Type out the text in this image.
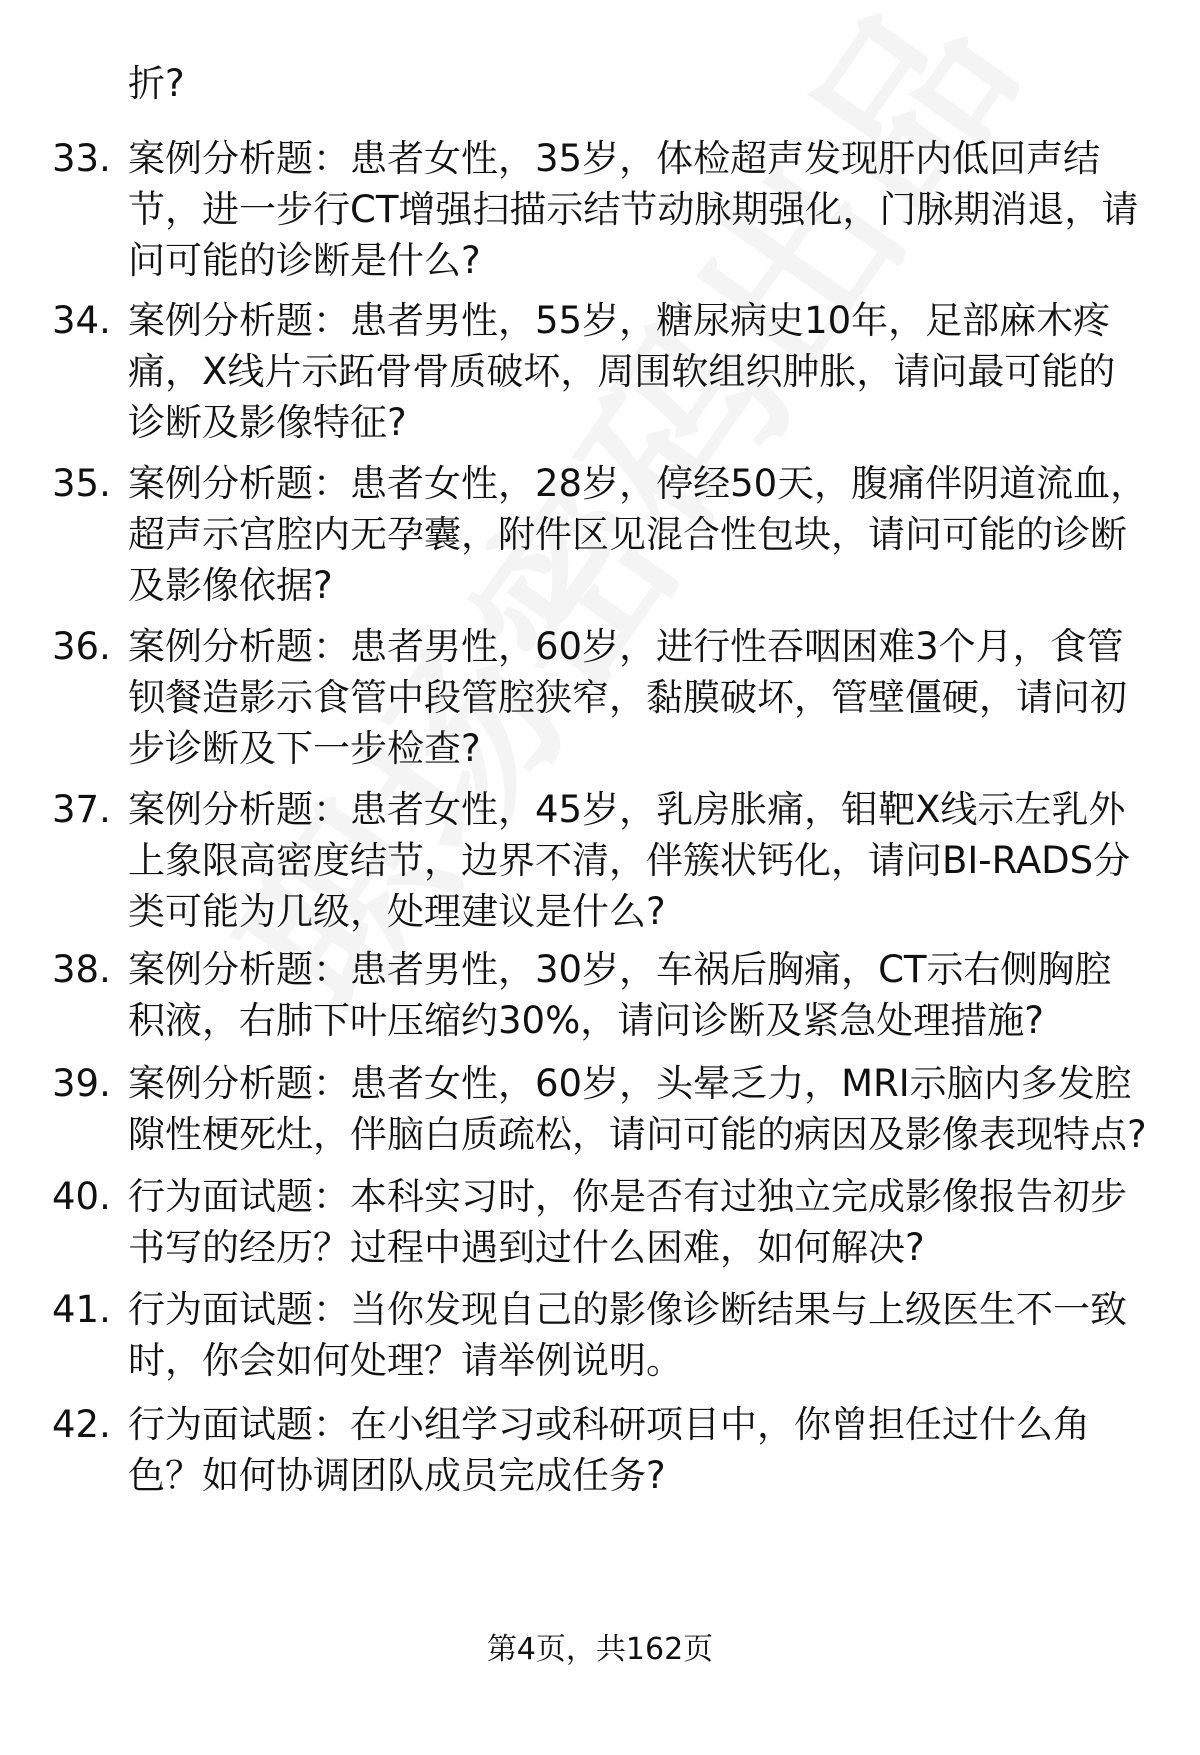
折?
33. 案例分析题：患者女性，35岁，体检超声发现肝内低回声结节，进一步行CT增强扫描示结节动脉期强化，门脉期消退，请问可能的诊断是什么?
34. 案例分析题：患者男性，55岁，糖尿病史10年，足部麻木疼痛，X线片示跖骨骨质破坏，周围软组织肿胀，请问最可能的诊断及影像特征?
35. 案例分析题：患者女性，28岁，停经50天，腹痛伴阴道流血，超声示宫腔内无孕囊，附件区见混合性包块，请问可能的诊断及影像依据?
36. 案例分析题：患者男性，60岁，进行性吞咽困难3个月，食管钡餐造影示食管中段管腔狭窄，黏膜破坏，管壁僵硬，请问初步诊断及下一步检查?
37. 案例分析题：患者女性，45岁，乳房胀痛，钼靶X线示左乳外上象限高密度结节，边界不清，伴簇状钙化，请问BI-RADS分类可能为几级，处理建议是什么?
38. 案例分析题：患者男性，30岁，车祸后胸痛，CT示右侧胸腔积液，右肺下叶压缩约30%，请问诊断及紧急处理措施?
39. 案例分析题：患者女性，60岁，头晕乏力，MRI示脑内多发腔隙性梗死灶，伴脑白质疏松，请问可能的病因及影像表现特点?
40. 行为面试题：本科实习时，你是否有过独立完成影像报告初步书写的经历？过程中遇到过什么困难，如何解决?
41. 行为面试题：当你发现自己的影像诊断结果与上级医生不一致时，你会如何处理？请举例说明。
42. 行为面试题：在小组学习或科研项目中，你曾担任过什么角色？如何协调团队成员完成任务?
第4页，共162页
